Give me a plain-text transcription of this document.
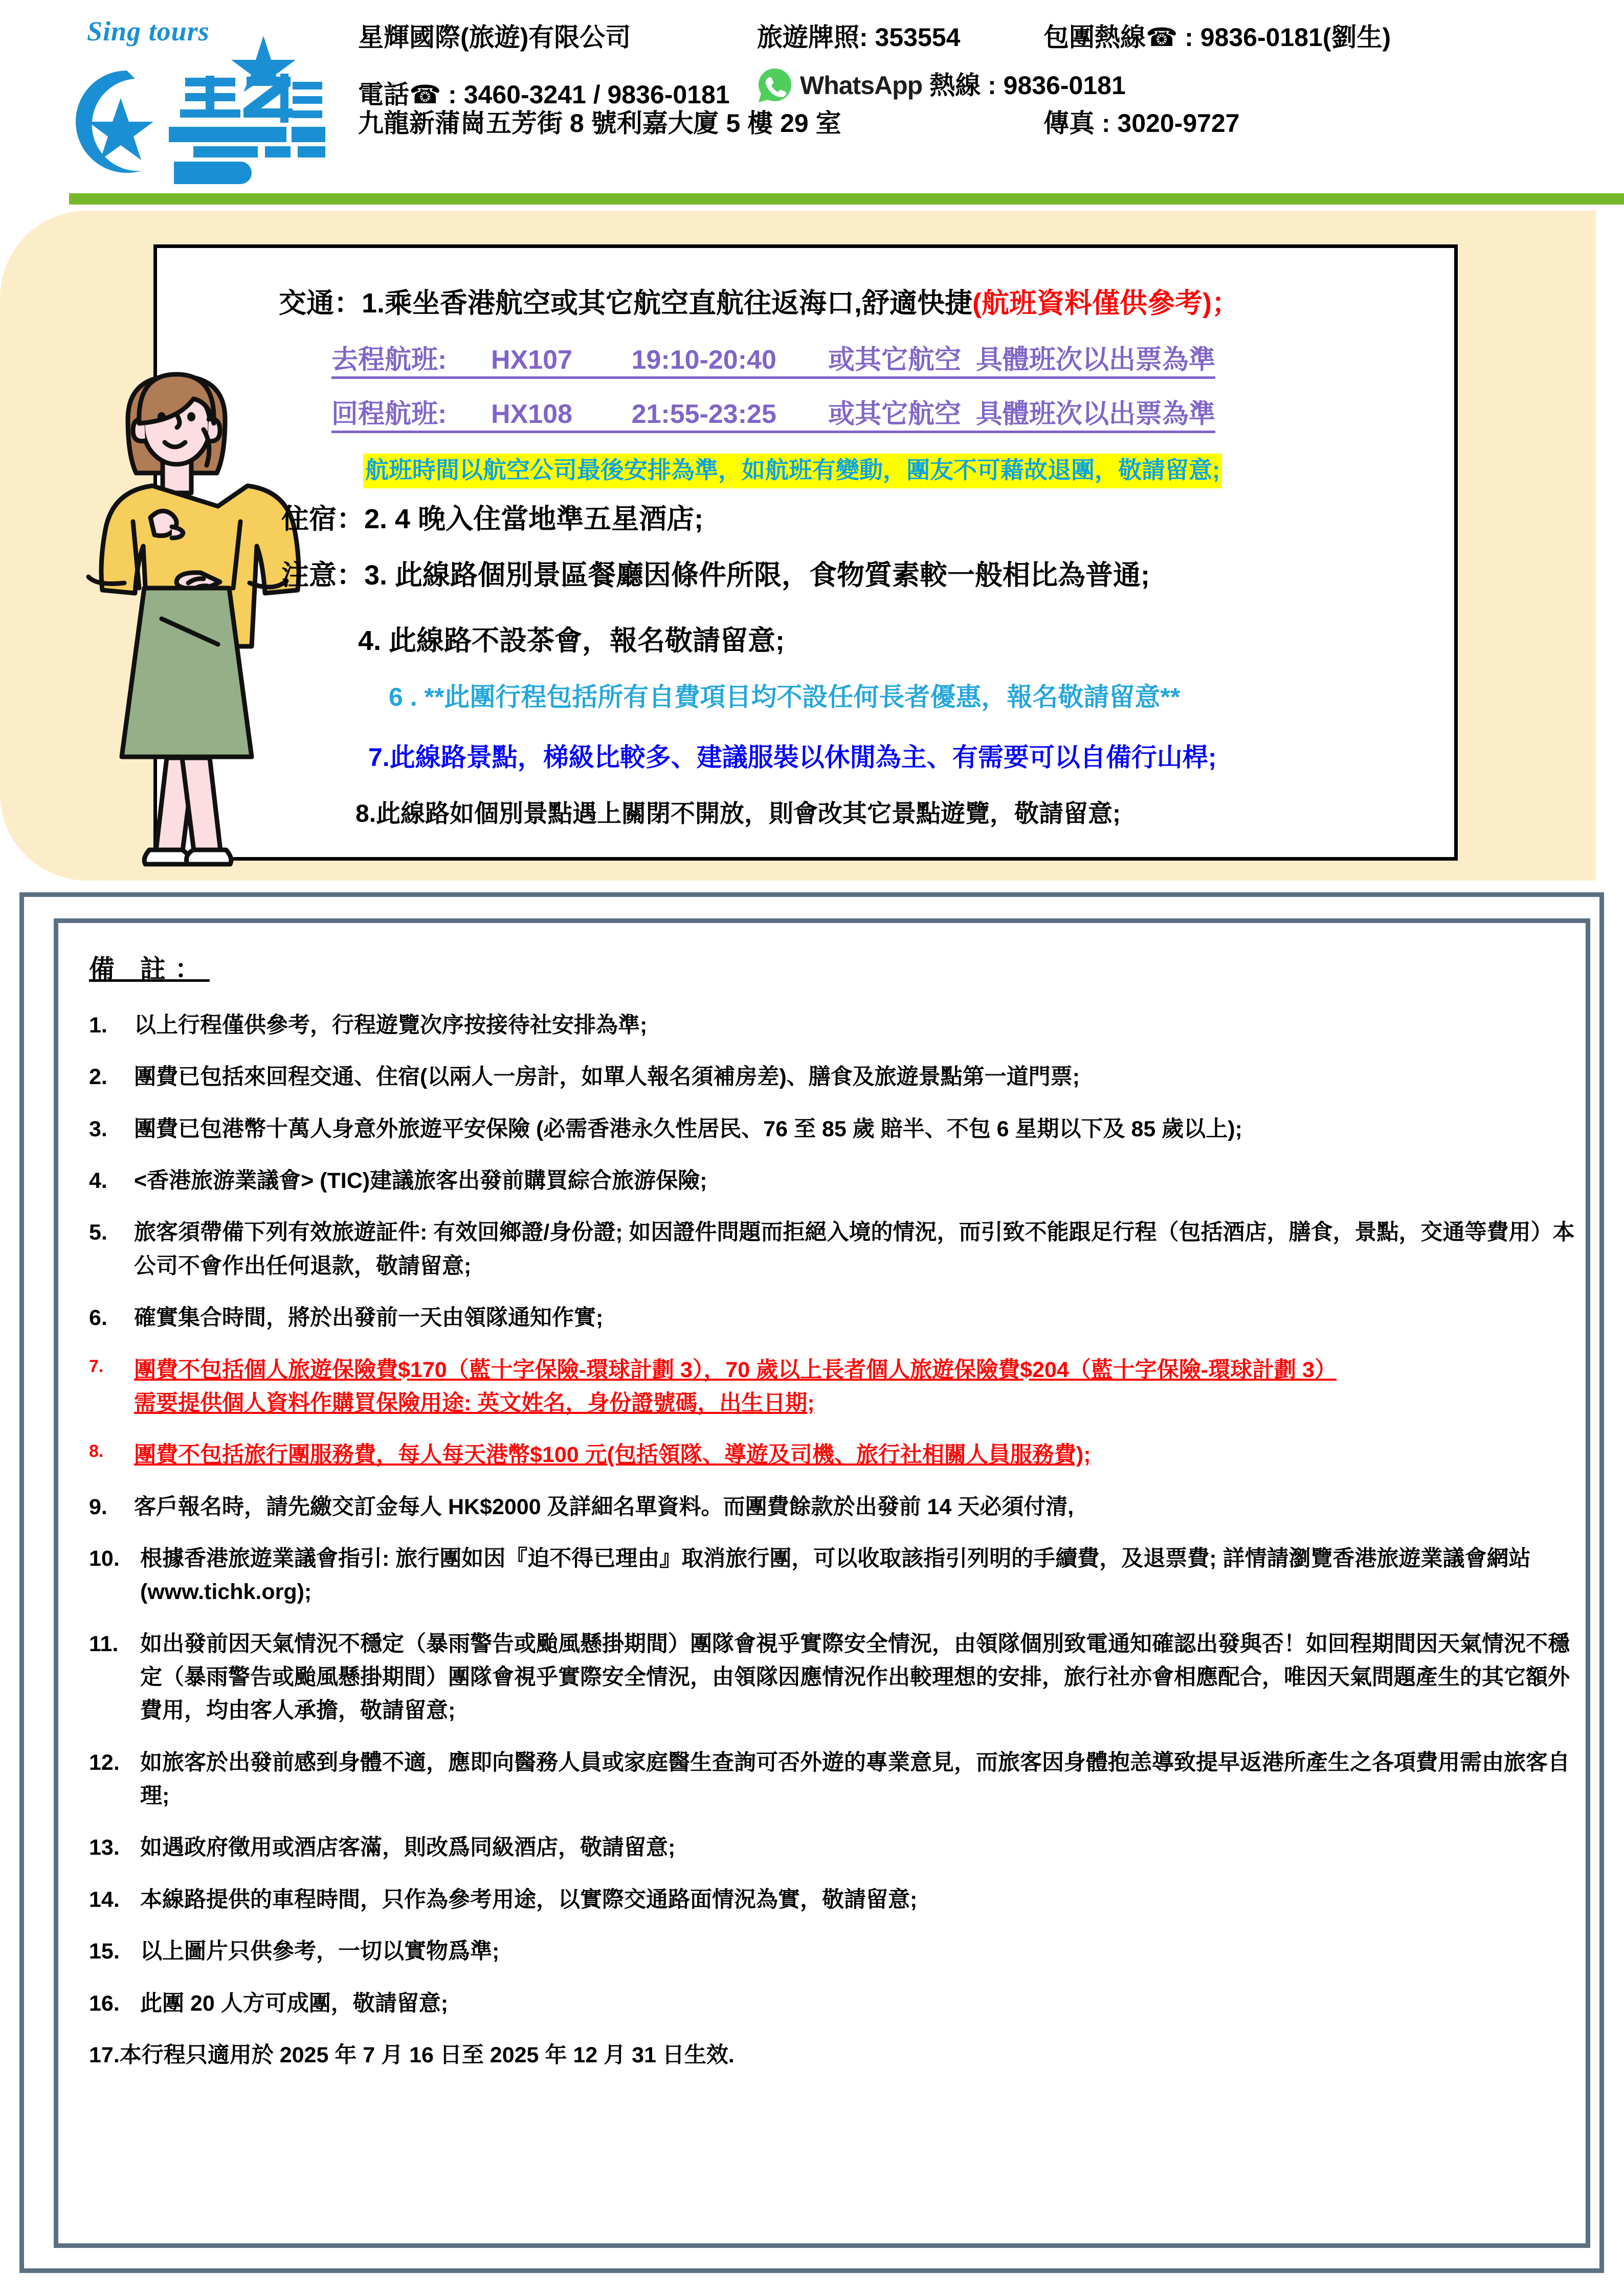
Sing tours	星輝國際(旅遊)有限公司	旅遊牌照: 353554	包團熱線☎ : 9836-0181(劉生)
電話☎ : 3460-3241 / 9836-0181	WhatsApp 熱線 : 9836-0181
九龍新蒲崗五芳街 8 號利嘉大廈 5 樓 29 室	傳真 : 3020-9727
交通：1.乘坐香港航空或其它航空直航往返海口,舒適快捷(航班資料僅供參考)；
去程航班:      HX107        19:10-20:40       或其它航空  具體班次以出票為準
回程航班:      HX108        21:55-23:25       或其它航空  具體班次以出票為準
航班時間以航空公司最後安排為準，如航班有變動，團友不可藉故退團，敬請留意;
住宿：2. 4 晚入住當地準五星酒店;
注意：3. 此線路個別景區餐廳因條件所限，食物質素較一般相比為普通;
4. 此線路不設茶會，報名敬請留意;
6 . **此團行程包括所有自費項目均不設任何長者優惠，報名敬請留意**
7.此線路景點，梯級比較多、建議服裝以休閒為主、有需要可以自備行山桿;
8.此線路如個別景點遇上關閉不開放，則會改其它景點遊覽，敬請留意;
備 註：
1.	以上行程僅供參考，行程遊覽次序按接待社安排為準;
2.	團費已包括來回程交通、住宿(以兩人一房計，如單人報名須補房差)、膳食及旅遊景點第一道門票;
3.	團費已包港幣十萬人身意外旅遊平安保險 (必需香港永久性居民、76 至 85 歲 賠半、不包 6 星期以下及 85 歲以上);
4.	<香港旅游業議會> (TIC)建議旅客出發前購買綜合旅游保險;
5.	旅客須帶備下列有效旅遊証件: 有效回鄉證/身份證; 如因證件問題而拒絕入境的情況，而引致不能跟足行程（包括酒店，膳食，景點，交通等費用）本公司不會作出任何退款，敬請留意;
6.	確實集合時間，將於出發前一天由領隊通知作實;
7.	團費不包括個人旅遊保險費$170（藍十字保險-環球計劃 3），70 歲以上長者個人旅遊保險費$204（藍十字保險-環球計劃 3）
需要提供個人資料作購買保險用途: 英文姓名，身份證號碼，出生日期;
8.	團費不包括旅行團服務費，每人每天港幣$100 元(包括領隊、導遊及司機、旅行社相關人員服務費);
9.	客戶報名時，請先繳交訂金每人 HK$2000 及詳細名單資料。而團費餘款於出發前 14 天必須付清,
10. 根據香港旅遊業議會指引: 旅行團如因『迫不得已理由』取消旅行團，可以收取該指引列明的手續費，及退票費; 詳情請瀏覽香港旅遊業議會網站(www.tichk.org);
11. 如出發前因天氣情況不穩定（暴雨警告或颱風懸掛期間）團隊會視乎實際安全情況，由領隊個別致電通知確認出發與否！如回程期間因天氣情況不穩定（暴雨警告或颱風懸掛期間）團隊會視乎實際安全情況，由領隊因應情況作出較理想的安排，旅行社亦會相應配合，唯因天氣問題產生的其它額外費用，均由客人承擔，敬請留意;
12. 如旅客於出發前感到身體不適，應即向醫務人員或家庭醫生查詢可否外遊的專業意見，而旅客因身體抱恙導致提早返港所產生之各項費用需由旅客自理;
13. 如遇政府徵用或酒店客滿，則改爲同級酒店，敬請留意;
14. 本線路提供的車程時間，只作為參考用途，以實際交通路面情況為實，敬請留意;
15. 以上圖片只供參考，一切以實物爲準;
16. 此團 20 人方可成團，敬請留意;
17. 本行程只適用於 2025 年 7 月 16 日至 2025 年 12 月 31 日生效.
